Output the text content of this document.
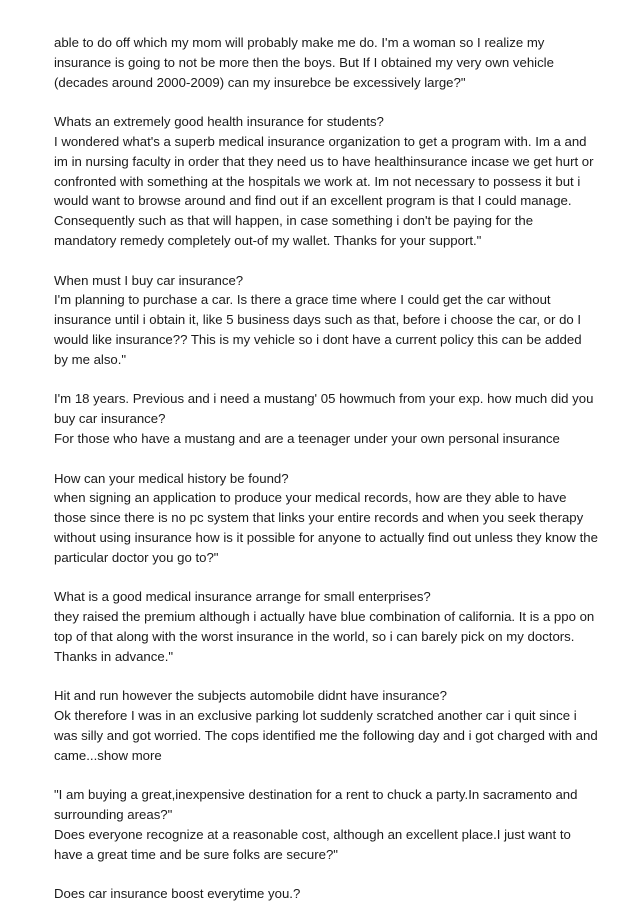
able to do off which my mom will probably make me do. I'm a woman so I realize my
insurance is going to not be more then the boys. But If I obtained my very own vehicle
(decades around 2000-2009) can my insurebce be excessively large?"
Whats an extremely good health insurance for students?
I wondered what's a superb medical insurance organization to get a program with. Im a and
im in nursing faculty in order that they need us to have healthinsurance incase we get hurt or
confronted with something at the hospitals we work at. Im not necessary to possess it but i
would want to browse around and find out if an excellent program is that I could manage.
Consequently such as that will happen, in case something i don't be paying for the
mandatory remedy completely out-of my wallet. Thanks for your support."
When must I buy car insurance?
I'm planning to purchase a car. Is there a grace time where I could get the car without
insurance until i obtain it, like 5 business days such as that, before i choose the car, or do I
would like insurance?? This is my vehicle so i dont have a current policy this can be added
by me also."
I'm 18 years. Previous and i need a mustang' 05 howmuch from your exp. how much did you
buy car insurance?
For those who have a mustang and are a teenager under your own personal insurance
How can your medical history be found?
when signing an application to produce your medical records, how are they able to have
those since there is no pc system that links your entire records and when you seek therapy
without using insurance how is it possible for anyone to actually find out unless they know the
particular doctor you go to?"
What is a good medical insurance arrange for small enterprises?
they raised the premium although i actually have blue combination of california. It is a ppo on
top of that along with the worst insurance in the world, so i can barely pick on my doctors.
Thanks in advance."
Hit and run however the subjects automobile didnt have insurance?
Ok therefore I was in an exclusive parking lot suddenly scratched another car i quit since i
was silly and got worried. The cops identified me the following day and i got charged with and
came...show more
"I am buying a great,inexpensive destination for a rent to chuck a party.In sacramento and
surrounding areas?"
Does everyone recognize at a reasonable cost, although an excellent place.I just want to
have a great time and be sure folks are secure?"
Does car insurance boost everytime you.?
